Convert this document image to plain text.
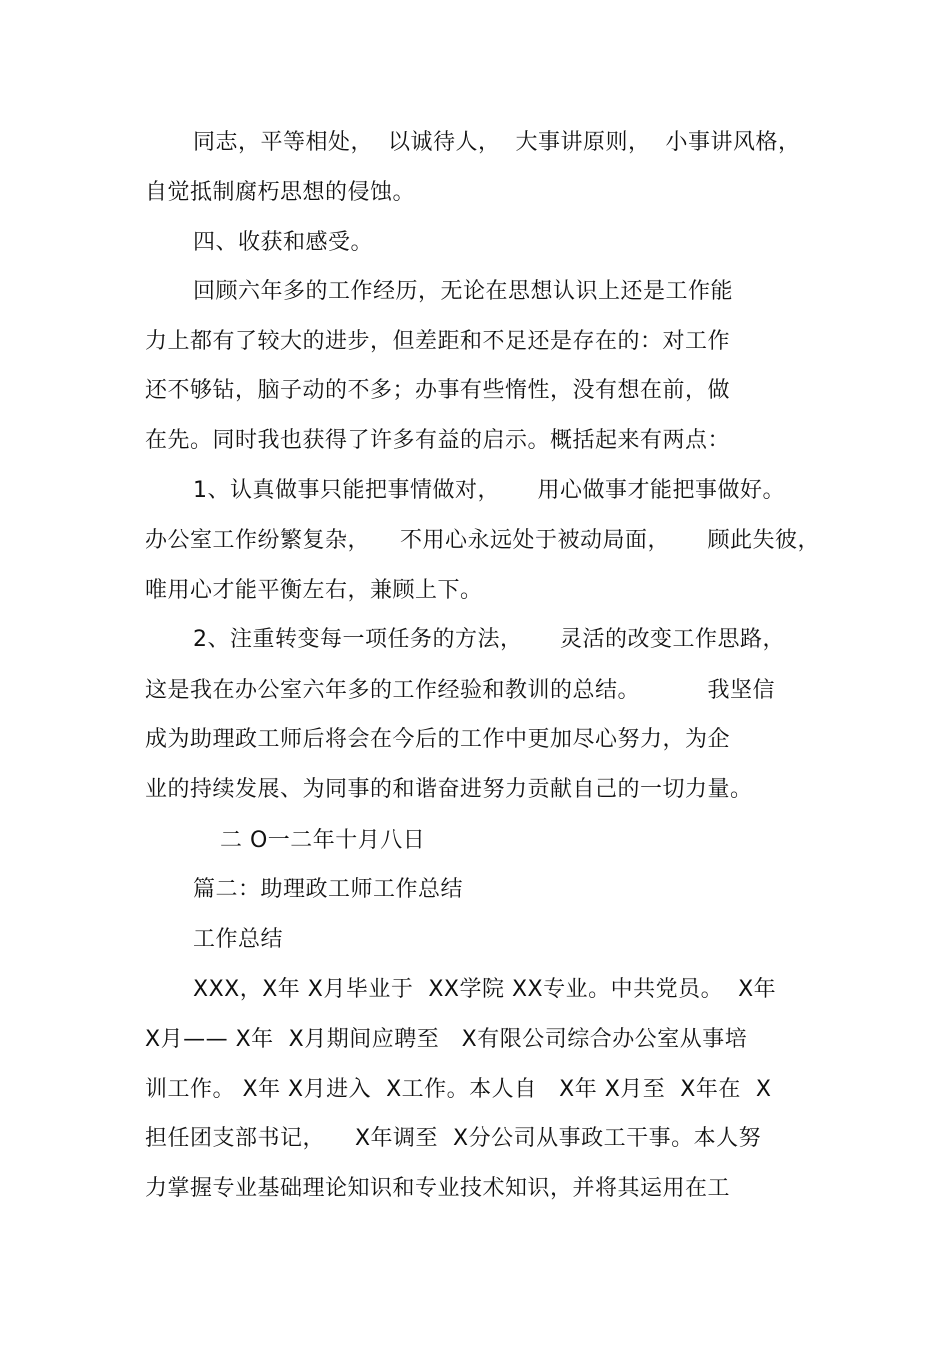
同志，平等相处，  以诚待人，  大事讲原则，  小事讲风格，
自觉抵制腐朽思想的侵蚀。
四、收获和感受。
回顾六年多的工作经历，无论在思想认识上还是工作能
力上都有了较大的进步，但差距和不足还是存在的：对工作
还不够钻，脑子动的不多；办事有些惰性，没有想在前，做
在先。同时我也获得了许多有益的启示。概括起来有两点：
1、认真做事只能把事情做对，     用心做事才能把事做好。
办公室工作纷繁复杂，    不用心永远处于被动局面，     顾此失彼，
唯用心才能平衡左右，兼顾上下。
2、注重转变每一项任务的方法，     灵活的改变工作思路，
这是我在办公室六年多的工作经验和教训的总结。         我坚信
成为助理政工师后将会在今后的工作中更加尽心努力，为企
业的持续发展、为同事的和谐奋进努力贡献自己的一切力量。
二 O一二年十月八日
篇二：助理政工师工作总结
工作总结
XXX，X年 X月毕业于  XX学院 XX专业。中共党员。  X年
X月—— X年  X月期间应聘至   X有限公司综合办公室从事培
训工作。 X年 X月进入  X工作。本人自   X年 X月至  X年在  X
担任团支部书记，    X年调至  X分公司从事政工干事。本人努
力掌握专业基础理论知识和专业技术知识，并将其运用在工
